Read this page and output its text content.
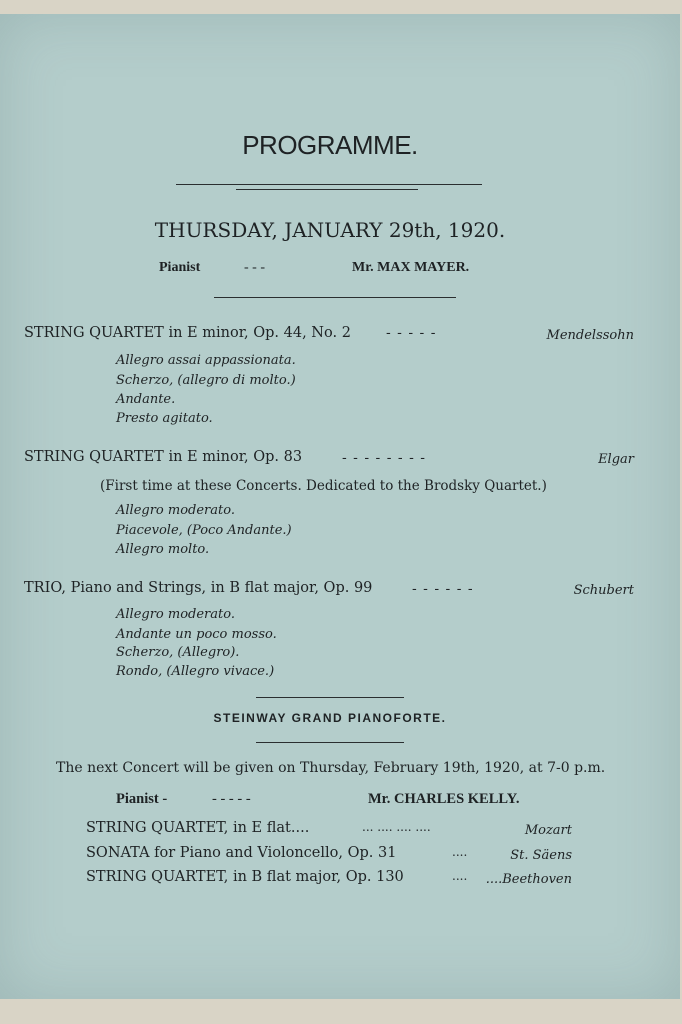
PROGRAMME.
THURSDAY, JANUARY 29th, 1920.
Pianist	- - -	Mr. MAX MAYER.
STRING QUARTET in E minor, Op. 44, No. 2	- - - - -	Mendelssohn
Allegro assai appassionata.
Scherzo, (allegro di molto.)
Andante.
Presto agitato.
STRING QUARTET in E minor, Op. 83	- - - - - - - -	Elgar
(First time at these Concerts. Dedicated to the Brodsky Quartet.)
Allegro moderato.
Piacevole, (Poco Andante.)
Allegro molto.
TRIO, Piano and Strings, in B flat major, Op. 99	- - - - - -	Schubert
Allegro moderato.
Andante un poco mosso.
Scherzo, (Allegro).
Rondo, (Allegro vivace.)
STEINWAY GRAND PIANOFORTE.
The next Concert will be given on Thursday, February 19th, 1920, at 7-0 p.m.
Pianist -	- - - - -	Mr. CHARLES KELLY.
STRING QUARTET, in E flat....	... .... .... ....	Mozart
SONATA for Piano and Violoncello, Op. 31	....	St. Säens
STRING QUARTET, in B flat major, Op. 130	.... ....Beethoven
